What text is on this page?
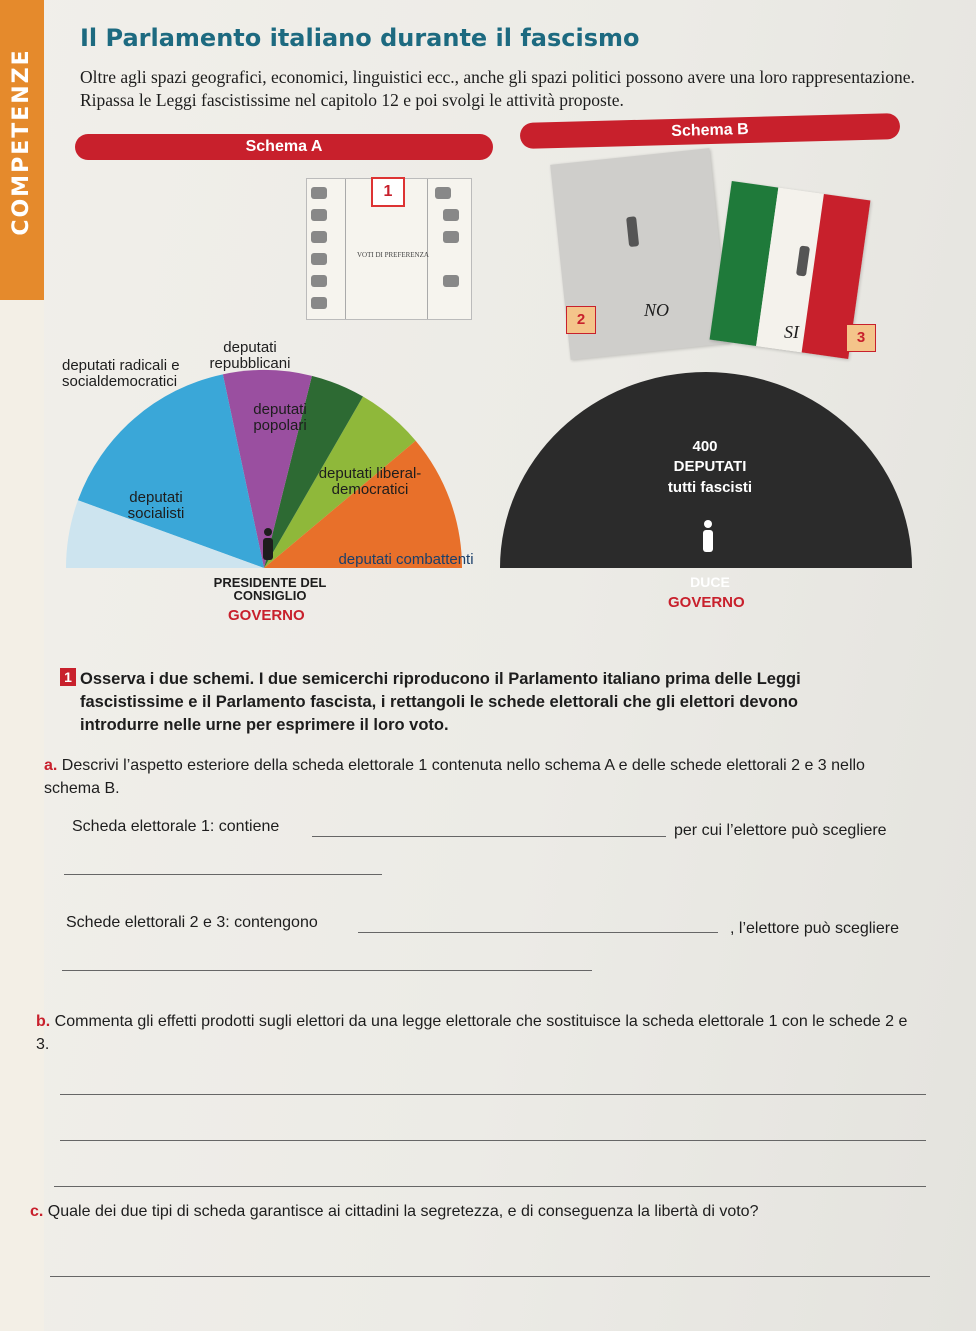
COMPETENZE
Il Parlamento italiano durante il fascismo
Oltre agli spazi geografici, economici, linguistici ecc., anche gli spazi politici possono avere una loro rappresentazione. Ripassa le Leggi fascistissime nel capitolo 12 e poi svolgi le attività proposte.
Schema A
Schema B
VOTI DI PREFERENZA
1
2	NO
SI	3
deputati radicali e socialdemocratici
deputati repubblicani
deputati popolari
deputati liberal-democratici
deputati socialisti
deputati combattenti
PRESIDENTE DEL CONSIGLIO
GOVERNO
400
DEPUTATI
tutti fascisti
DUCE
GOVERNO
1 Osserva i due schemi. I due semicerchi riproducono il Parlamento italiano prima delle Leggi fascistissime e il Parlamento fascista, i rettangoli le schede elettorali che gli elettori devono introdurre nelle urne per esprimere il loro voto.
a. Descrivi l’aspetto esteriore della scheda elettorale 1 contenuta nello schema A e delle schede elettorali 2 e 3 nello schema B.
Scheda elettorale 1: contiene	per cui l’elettore può scegliere
Schede elettorali 2 e 3: contengono	, l’elettore può scegliere
b. Commenta gli effetti prodotti sugli elettori da una legge elettorale che sostituisce la scheda elettorale 1 con le schede 2 e 3.
c. Quale dei due tipi di scheda garantisce ai cittadini la segretezza, e di conseguenza la libertà di voto?
